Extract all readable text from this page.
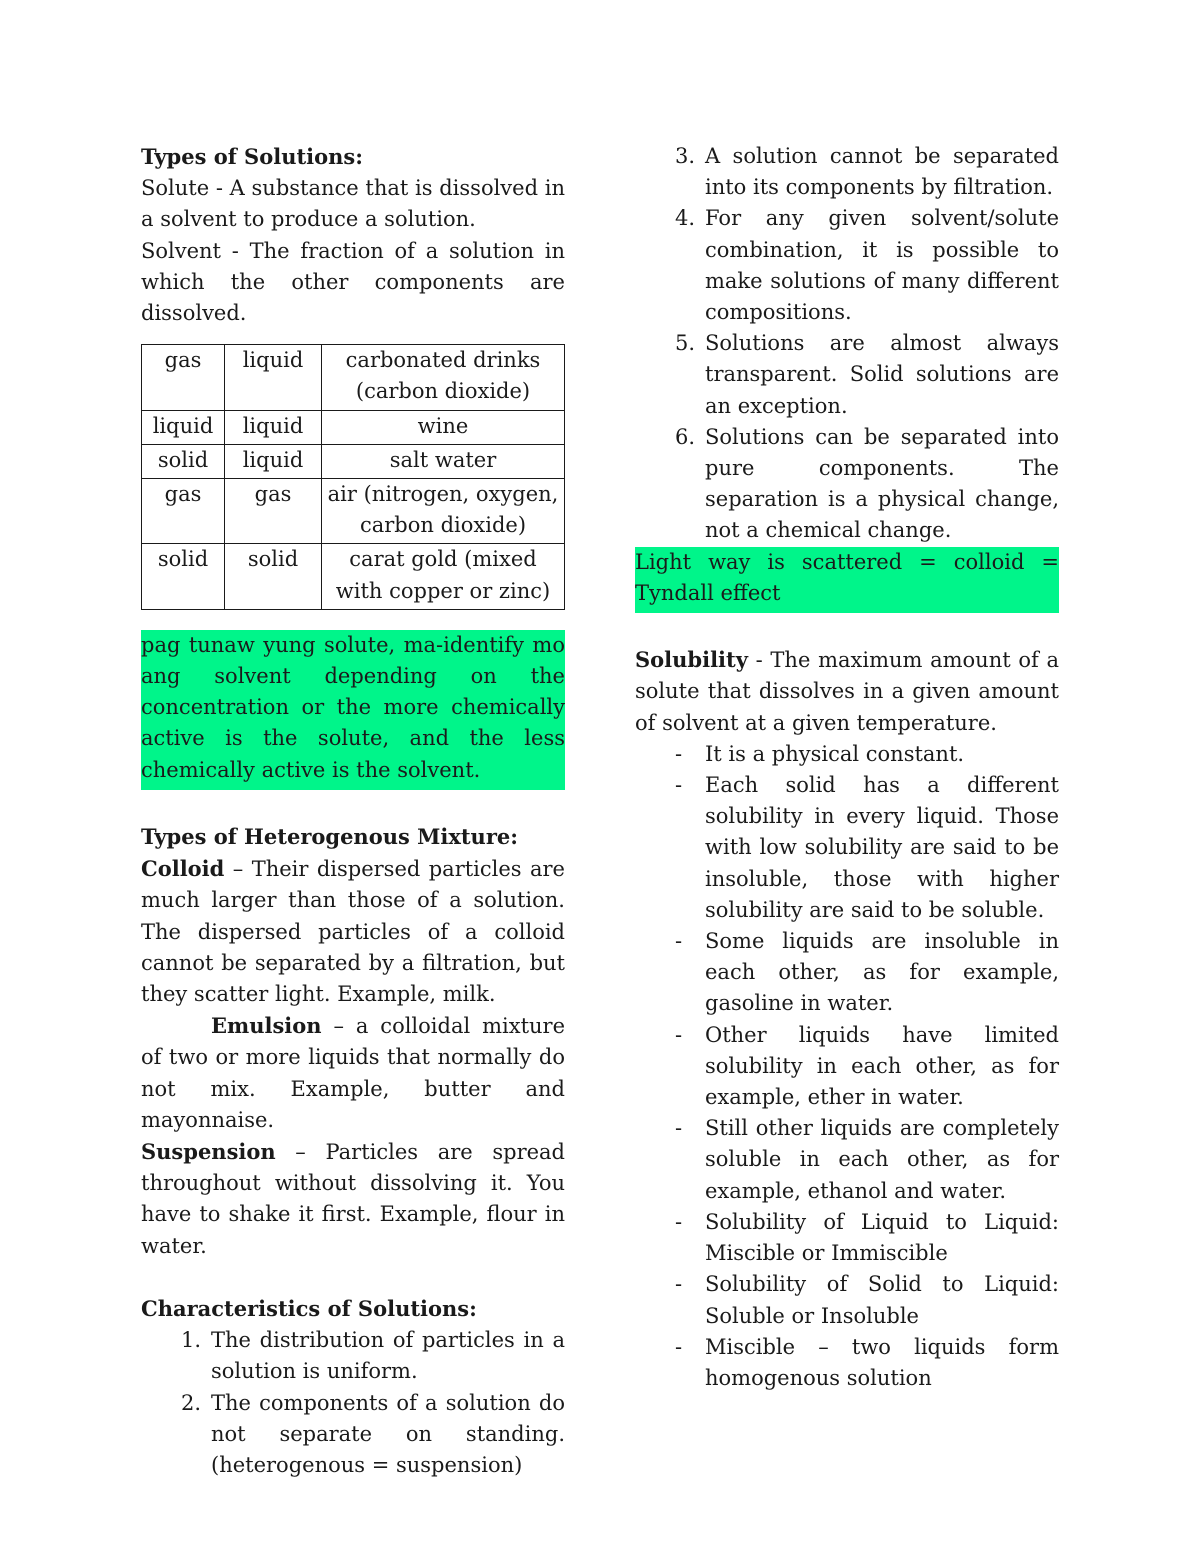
Types of Solutions:

Solute - A substance that is dissolved in a solvent to produce a solution.

Solvent - The fraction of a solution in which the other components are dissolved.

gas	liquid	carbonated drinks (carbon dioxide)
liquid	liquid	wine
solid	liquid	salt water
gas	gas	air (nitrogen, oxygen, carbon dioxide)
solid	solid	carat gold (mixed with copper or zinc)

pag tunaw yung solute, ma-identify mo ang solvent depending on the concentration or the more chemically active is the solute, and the less chemically active is the solvent.

Types of Heterogenous Mixture:

Colloid – Their dispersed particles are much larger than those of a solution. The dispersed particles of a colloid cannot be separated by a filtration, but they scatter light. Example, milk.

Emulsion – a colloidal mixture of two or more liquids that normally do not mix. Example, butter and mayonnaise.

Suspension – Particles are spread throughout without dissolving it. You have to shake it first. Example, flour in water.

Characteristics of Solutions:

1. The distribution of particles in a solution is uniform.
2. The components of a solution do not separate on standing. (heterogenous = suspension)
3. A solution cannot be separated into its components by filtration.
4. For any given solvent/solute combination, it is possible to make solutions of many different compositions.
5. Solutions are almost always transparent. Solid solutions are an exception.
6. Solutions can be separated into pure components. The separation is a physical change, not a chemical change.

Light way is scattered = colloid = Tyndall effect

Solubility - The maximum amount of a solute that dissolves in a given amount of solvent at a given temperature.

-	It is a physical constant.
-	Each solid has a different solubility in every liquid. Those with low solubility are said to be insoluble, those with higher solubility are said to be soluble.
-	Some liquids are insoluble in each other, as for example, gasoline in water.
-	Other liquids have limited solubility in each other, as for example, ether in water.
-	Still other liquids are completely soluble in each other, as for example, ethanol and water.
-	Solubility of Liquid to Liquid: Miscible or Immiscible
-	Solubility of Solid to Liquid: Soluble or Insoluble
-	Miscible – two liquids form homogenous solution
